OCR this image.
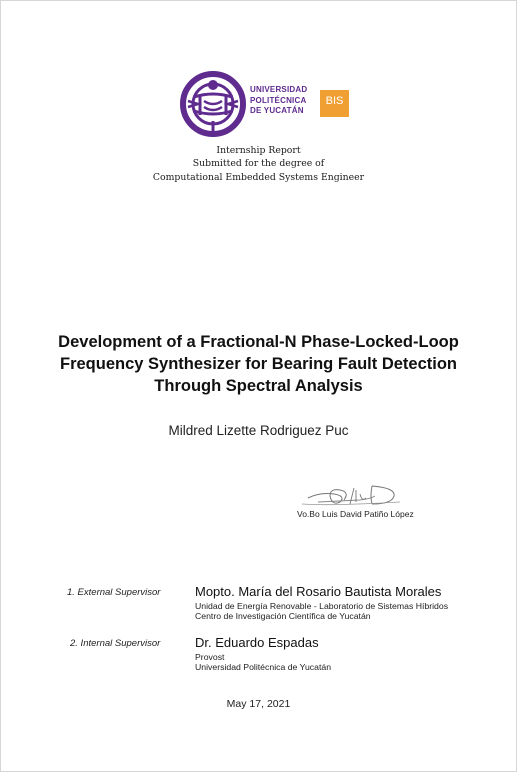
UNIVERSIDAD
POLITÉCNICA
DE YUCATÁN
BIS
Internship Report
Submitted for the degree of
Computational Embedded Systems Engineer
Development of a Fractional-N Phase-Locked-Loop
Frequency Synthesizer for Bearing Fault Detection
Through Spectral Analysis
Mildred Lizette Rodriguez Puc
Vo.Bo Luis David Patiño López
1. External Supervisor	Mopto. María del Rosario Bautista Morales
Unidad de Energía Renovable - Laboratorio de Sistemas Híbridos
Centro de Investigación Científica de Yucatán
2. Internal Supervisor	Dr. Eduardo Espadas
Provost
Universidad Politécnica de Yucatán
May 17, 2021
